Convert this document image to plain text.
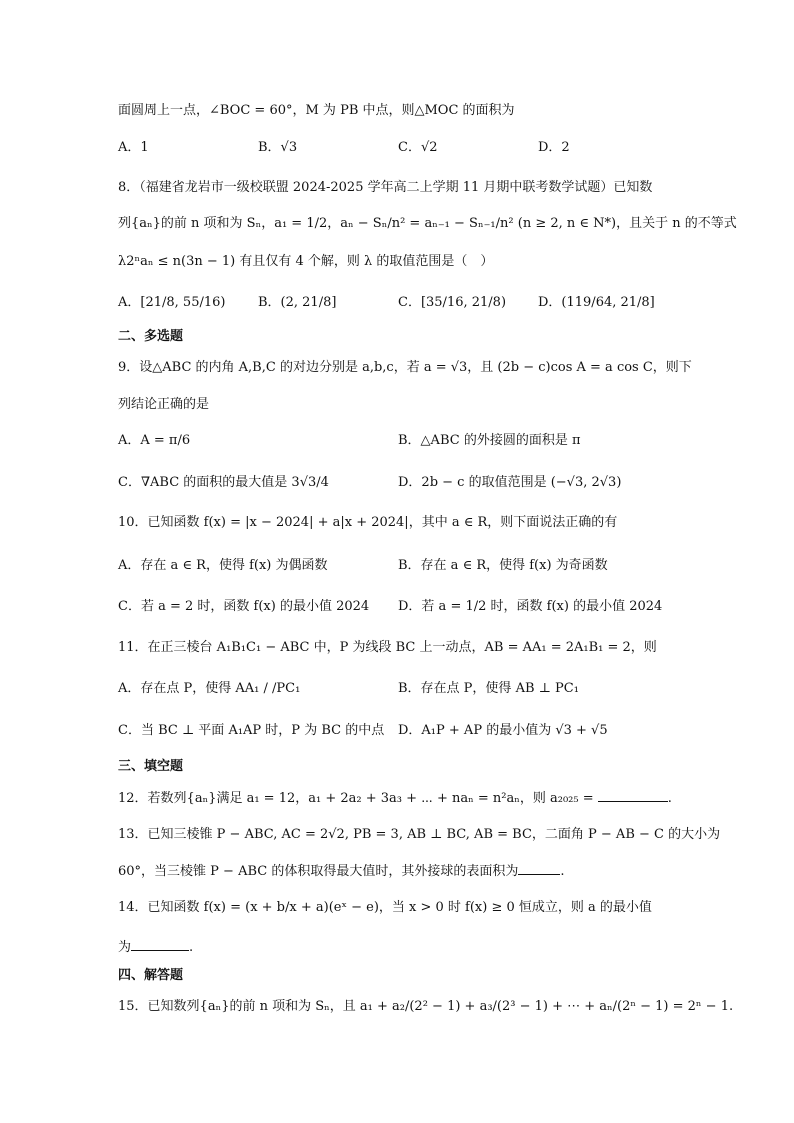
面圆周上一点，∠BOC = 60°，M 为 PB 中点，则△MOC 的面积为
A．1	B．√3	C．√2	D．2
8．（福建省龙岩市一级校联盟 2024-2025 学年高二上学期 11 月期中联考数学试题）已知数
列{aₙ}的前 n 项和为 Sₙ，a₁ = 1/2，aₙ − Sₙ/n² = aₙ₋₁ − Sₙ₋₁/n² (n ≥ 2, n ∈ N*)，且关于 n 的不等式
λ2ⁿaₙ ≤ n(3n − 1) 有且仅有 4 个解，则 λ 的取值范围是（　）
A．[21/8, 55/16)	B．(2, 21/8]	C．[35/16, 21/8) D．(119/64, 21/8]
二、多选题
9．设△ABC 的内角 A,B,C 的对边分别是 a,b,c，若 a = √3，且 (2b − c)cos A = a cos C，则下
列结论正确的是
A．A = π/6	B．△ABC 的外接圆的面积是 π
C．∇ABC 的面积的最大值是 3√3/4	D．2b − c 的取值范围是 (−√3, 2√3)
10．已知函数 f(x) = |x − 2024| + a|x + 2024|，其中 a ∈ R，则下面说法正确的有
A．存在 a ∈ R，使得 f(x) 为偶函数	B．存在 a ∈ R，使得 f(x) 为奇函数
C．若 a = 2 时，函数 f(x) 的最小值 2024 D．若 a = 1/2 时，函数 f(x) 的最小值 2024
11．在正三棱台 A₁B₁C₁ − ABC 中，P 为线段 BC 上一动点，AB = AA₁ = 2A₁B₁ = 2，则
A．存在点 P，使得 AA₁ / /PC₁	B．存在点 P，使得 AB ⊥ PC₁
C．当 BC ⊥ 平面 A₁AP 时，P 为 BC 的中点 D．A₁P + AP 的最小值为 √3 + √5
三、填空题
12．若数列{aₙ}满足 a₁ = 12，a₁ + 2a₂ + 3a₃ + ⋯ + naₙ = n²aₙ，则 a₂₀₂₅ =	.
13．已知三棱锥 P − ABC, AC = 2√2, PB = 3, AB ⊥ BC, AB = BC，二面角 P − AB − C 的大小为
60°，当三棱锥 P − ABC 的体积取得最大值时，其外接球的表面积为	.
14．已知函数 f(x) = (x + b/x + a)(eˣ − e)，当 x > 0 时 f(x) ≥ 0 恒成立，则 a 的最小值
为	.
四、解答题
15．已知数列{aₙ}的前 n 项和为 Sₙ，且 a₁ + a₂/(2² − 1) + a₃/(2³ − 1) + ⋯ + aₙ/(2ⁿ − 1) = 2ⁿ − 1.
